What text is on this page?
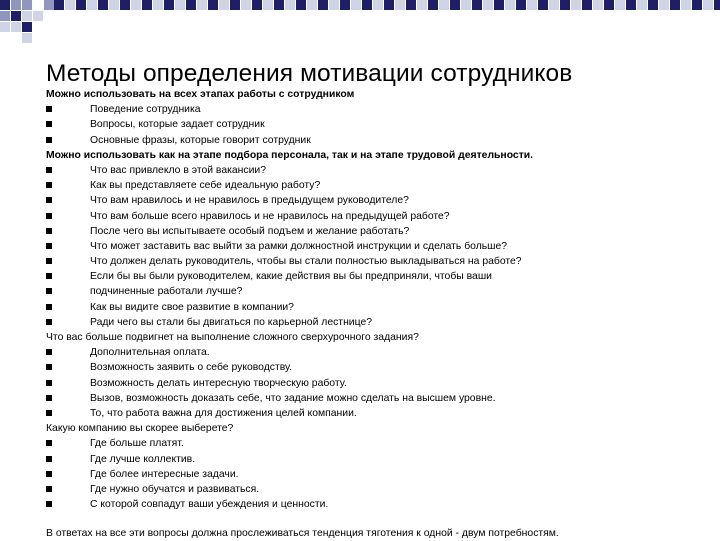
Методы определения мотивации сотрудников
Можно использовать на всех этапах работы с сотрудником
Поведение сотрудника
Вопросы, которые задает сотрудник
Основные фразы, которые говорит сотрудник
Можно использовать как на этапе подбора персонала, так и на этапе трудовой деятельности.
Что вас привлекло в этой вакансии?
Как вы представляете себе идеальную работу?
Что вам нравилось и не нравилось в предыдущем руководителе?
Что вам больше всего нравилось и не нравилось на предыдущей работе?
После чего вы испытываете особый подъем и желание работать?
Что может заставить вас выйти за рамки должностной инструкции и сделать больше?
Что должен делать руководитель, чтобы вы стали полностью выкладываться на работе?
Если бы вы были руководителем, какие действия вы бы предприняли, чтобы ваши
подчиненные работали лучше?
Как вы видите свое развитие в компании?
Ради чего вы стали бы двигаться по карьерной лестнице?
Что вас больше подвигнет на выполнение сложного сверхурочного задания?
Дополнительная оплата.
Возможность заявить о себе руководству.
Возможность делать интересную творческую работу.
Вызов, возможность доказать себе, что задание можно сделать на высшем уровне.
То, что работа важна для достижения целей компании.
Какую компанию вы скорее выберете?
Где больше платят.
Где лучше коллектив.
Где более интересные задачи.
Где нужно обучатся и развиваться.
С которой совпадут ваши убеждения и ценности.
В ответах на все эти вопросы должна прослеживаться тенденция тяготения к одной - двум потребностям.
